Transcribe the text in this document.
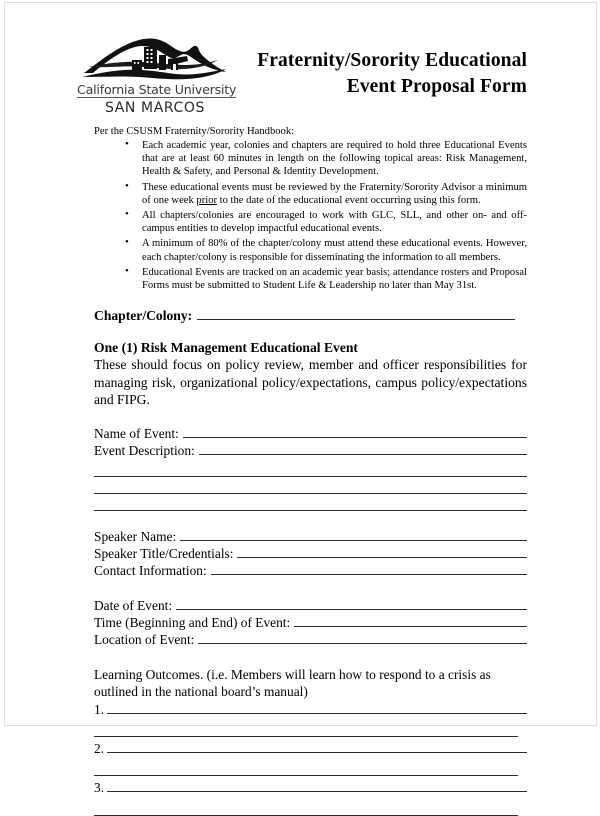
California State University
SAN MARCOS
Fraternity/Sorority Educational
Event Proposal Form
Per the CSUSM Fraternity/Sorority Handbook:
• Each academic year, colonies and chapters are required to hold three Educational Events that are at least 60 minutes in length on the following topical areas: Risk Management, Health & Safety, and Personal & Identity Development.
• These educational events must be reviewed by the Fraternity/Sorority Advisor a minimum of one week prior to the date of the educational event occurring using this form.
• All chapters/colonies are encouraged to work with GLC, SLL, and other on- and off-campus entities to develop impactful educational events.
• A minimum of 80% of the chapter/colony must attend these educational events. However, each chapter/colony is responsible for disseminating the information to all members.
• Educational Events are tracked on an academic year basis; attendance rosters and Proposal Forms must be submitted to Student Life & Leadership no later than May 31st.
Chapter/Colony:
One (1) Risk Management Educational Event
These should focus on policy review, member and officer responsibilities for managing risk, organizational policy/expectations, campus policy/expectations and FIPG.
Name of Event:
Event Description:
Speaker Name:
Speaker Title/Credentials:
Contact Information:
Date of Event:
Time (Beginning and End) of Event:
Location of Event:
Learning Outcomes. (i.e. Members will learn how to respond to a crisis as outlined in the national board’s manual)
1.
2.
3.
